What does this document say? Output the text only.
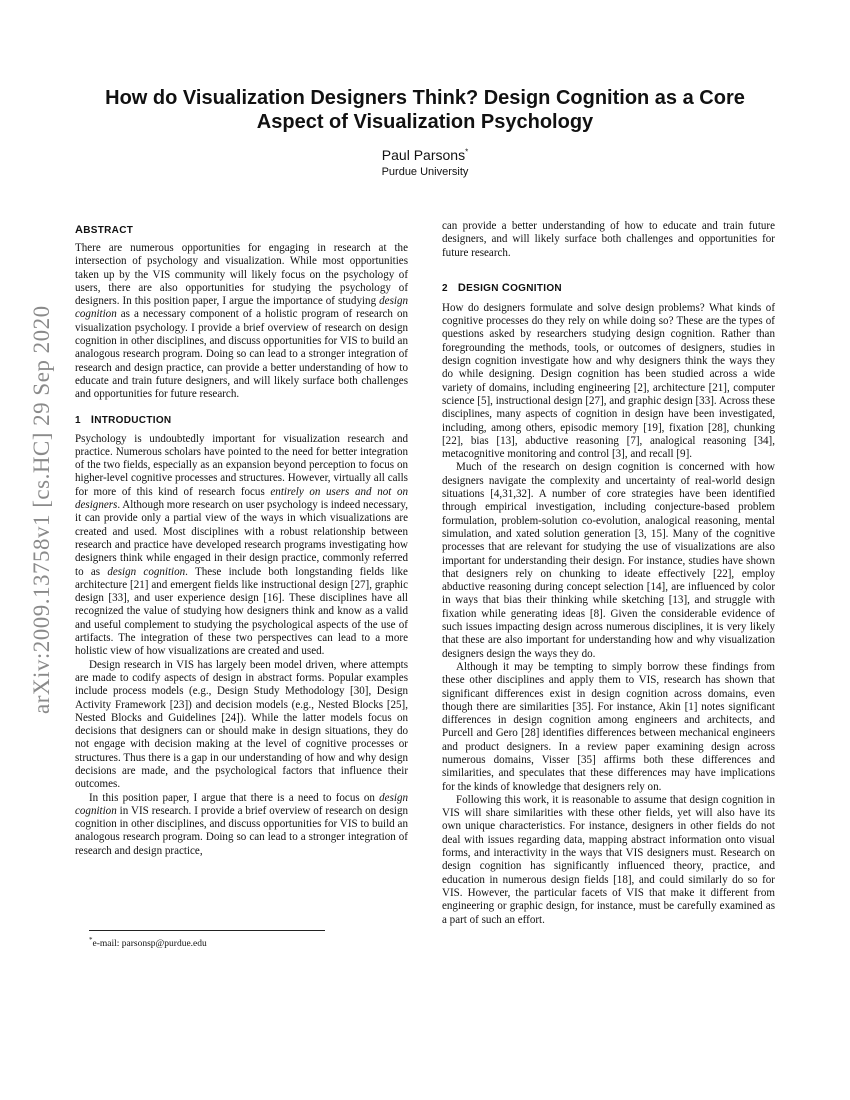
arXiv:2009.13758v1 [cs.HC] 29 Sep 2020
How do Visualization Designers Think? Design Cognition as a Core Aspect of Visualization Psychology
Paul Parsons*
Purdue University

ABSTRACT

There are numerous opportunities for engaging in research at the intersection of psychology and visualization. While most opportunities taken up by the VIS community will likely focus on the psychology of users, there are also opportunities for studying the psychology of designers. In this position paper, I argue the importance of studying design cognition as a necessary component of a holistic program of research on visualization psychology. I provide a brief overview of research on design cognition in other disciplines, and discuss opportunities for VIS to build an analogous research program. Doing so can lead to a stronger integration of research and design practice, can provide a better understanding of how to educate and train future designers, and will likely surface both challenges and opportunities for future research.

1 INTRODUCTION

Psychology is undoubtedly important for visualization research and practice. Numerous scholars have pointed to the need for better integration of the two fields, especially as an expansion beyond perception to focus on higher-level cognitive processes and structures. However, virtually all calls for more of this kind of research focus entirely on users and not on designers. Although more research on user psychology is indeed necessary, it can provide only a partial view of the ways in which visualizations are created and used. Most disciplines with a robust relationship between research and practice have developed research programs investigating how designers think while engaged in their design practice, commonly referred to as design cognition. These include both longstanding fields like architecture [21] and emergent fields like instructional design [27], graphic design [33], and user experience design [16]. These disciplines have all recognized the value of studying how designers think and know as a valid and useful complement to studying the psychological aspects of the use of artifacts. The integration of these two perspectives can lead to a more holistic view of how visualizations are created and used.

Design research in VIS has largely been model driven, where attempts are made to codify aspects of design in abstract forms. Popular examples include process models (e.g., Design Study Methodology [30], Design Activity Framework [23]) and decision models (e.g., Nested Blocks [25], Nested Blocks and Guidelines [24]). While the latter models focus on decisions that designers can or should make in design situations, they do not engage with decision making at the level of cognitive processes or structures. Thus there is a gap in our understanding of how and why design decisions are made, and the psychological factors that influence their outcomes.

In this position paper, I argue that there is a need to focus on design cognition in VIS research. I provide a brief overview of research on design cognition in other disciplines, and discuss opportunities for VIS to build an analogous research program. Doing so can lead to a stronger integration of research and design practice,

*e-mail: parsonsp@purdue.edu

can provide a better understanding of how to educate and train future designers, and will likely surface both challenges and opportunities for future research.

2 DESIGN COGNITION

How do designers formulate and solve design problems? What kinds of cognitive processes do they rely on while doing so? These are the types of questions asked by researchers studying design cognition. Rather than foregrounding the methods, tools, or outcomes of designers, studies in design cognition investigate how and why designers think the ways they do while designing. Design cognition has been studied across a wide variety of domains, including engineering [2], architecture [21], computer science [5], instructional design [27], and graphic design [33]. Across these disciplines, many aspects of cognition in design have been investigated, including, among others, episodic memory [19], fixation [28], chunking [22], bias [13], abductive reasoning [7], analogical reasoning [34], metacognitive monitoring and control [3], and recall [9].

Much of the research on design cognition is concerned with how designers navigate the complexity and uncertainty of real-world design situations [4,31,32]. A number of core strategies have been identified through empirical investigation, including conjecture-based problem formulation, problem-solution co-evolution, analogical reasoning, mental simulation, and xated solution generation [3, 15]. Many of the cognitive processes that are relevant for studying the use of visualizations are also important for understanding their design. For instance, studies have shown that designers rely on chunking to ideate effectively [22], employ abductive reasoning during concept selection [14], are influenced by color in ways that bias their thinking while sketching [13], and struggle with fixation while generating ideas [8]. Given the considerable evidence of such issues impacting design across numerous disciplines, it is very likely that these are also important for understanding how and why visualization designers design the ways they do.

Although it may be tempting to simply borrow these findings from these other disciplines and apply them to VIS, research has shown that significant differences exist in design cognition across domains, even though there are similarities [35]. For instance, Akin [1] notes significant differences in design cognition among engineers and architects, and Purcell and Gero [28] identifies differences between mechanical engineers and product designers. In a review paper examining design across numerous domains, Visser [35] affirms both these differences and similarities, and speculates that these differences may have implications for the kinds of knowledge that designers rely on.

Following this work, it is reasonable to assume that design cognition in VIS will share similarities with these other fields, yet will also have its own unique characteristics. For instance, designers in other fields do not deal with issues regarding data, mapping abstract information onto visual forms, and interactivity in the ways that VIS designers must. Research on design cognition has significantly influenced theory, practice, and education in numerous design fields [18], and could similarly do so for VIS. However, the particular facets of VIS that make it different from engineering or graphic design, for instance, must be carefully examined as a part of such an effort.
